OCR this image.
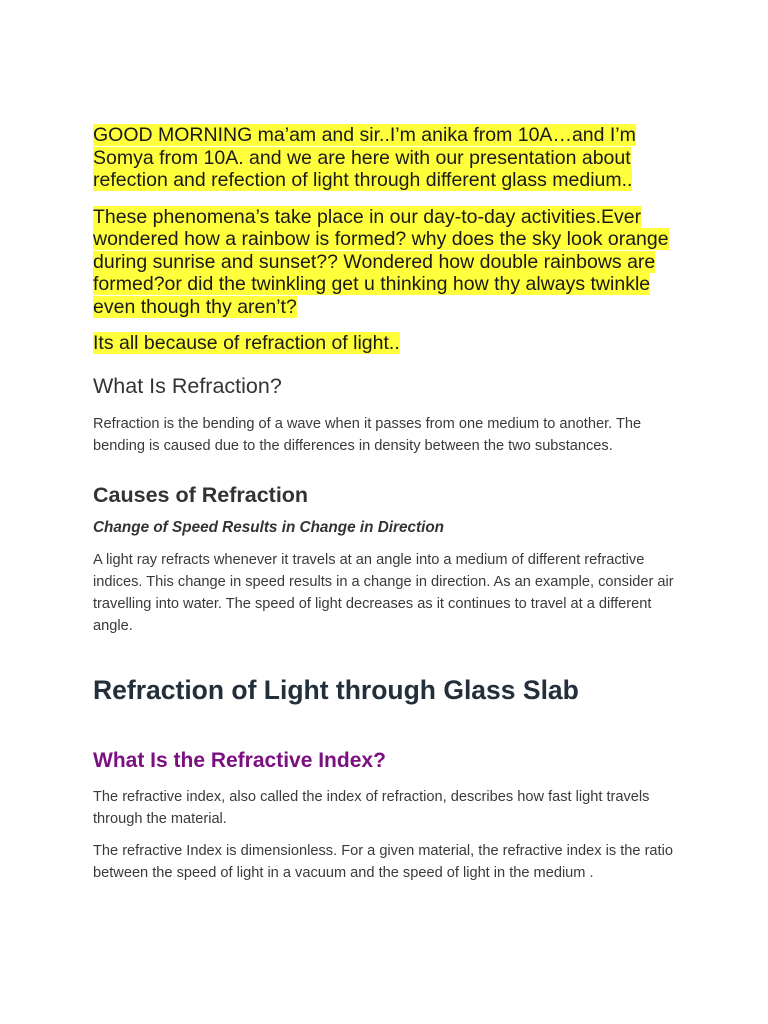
GOOD MORNING ma’am and sir..I’m anika from 10A…and I’m Somya from 10A. and we are here with our presentation about refection and refection of light through different glass medium..

These phenomena’s take place in our day-to-day activities.Ever wondered how a rainbow is formed? why does the sky look orange during sunrise and sunset?? Wondered how double rainbows are formed?or did the twinkling get u thinking how thy always twinkle even though thy aren’t?

Its all because of refraction of light..

What Is Refraction?

Refraction is the bending of a wave when it passes from one medium to another. The bending is caused due to the differences in density between the two substances.

Causes of Refraction
Change of Speed Results in Change in Direction

A light ray refracts whenever it travels at an angle into a medium of different refractive indices. This change in speed results in a change in direction. As an example, consider air travelling into water. The speed of light decreases as it continues to travel at a different angle.

Refraction of Light through Glass Slab
What Is the Refractive Index?

The refractive index, also called the index of refraction, describes how fast light travels through the material.

The refractive Index is dimensionless. For a given material, the refractive index is the ratio between the speed of light in a vacuum and the speed of light in the medium .
